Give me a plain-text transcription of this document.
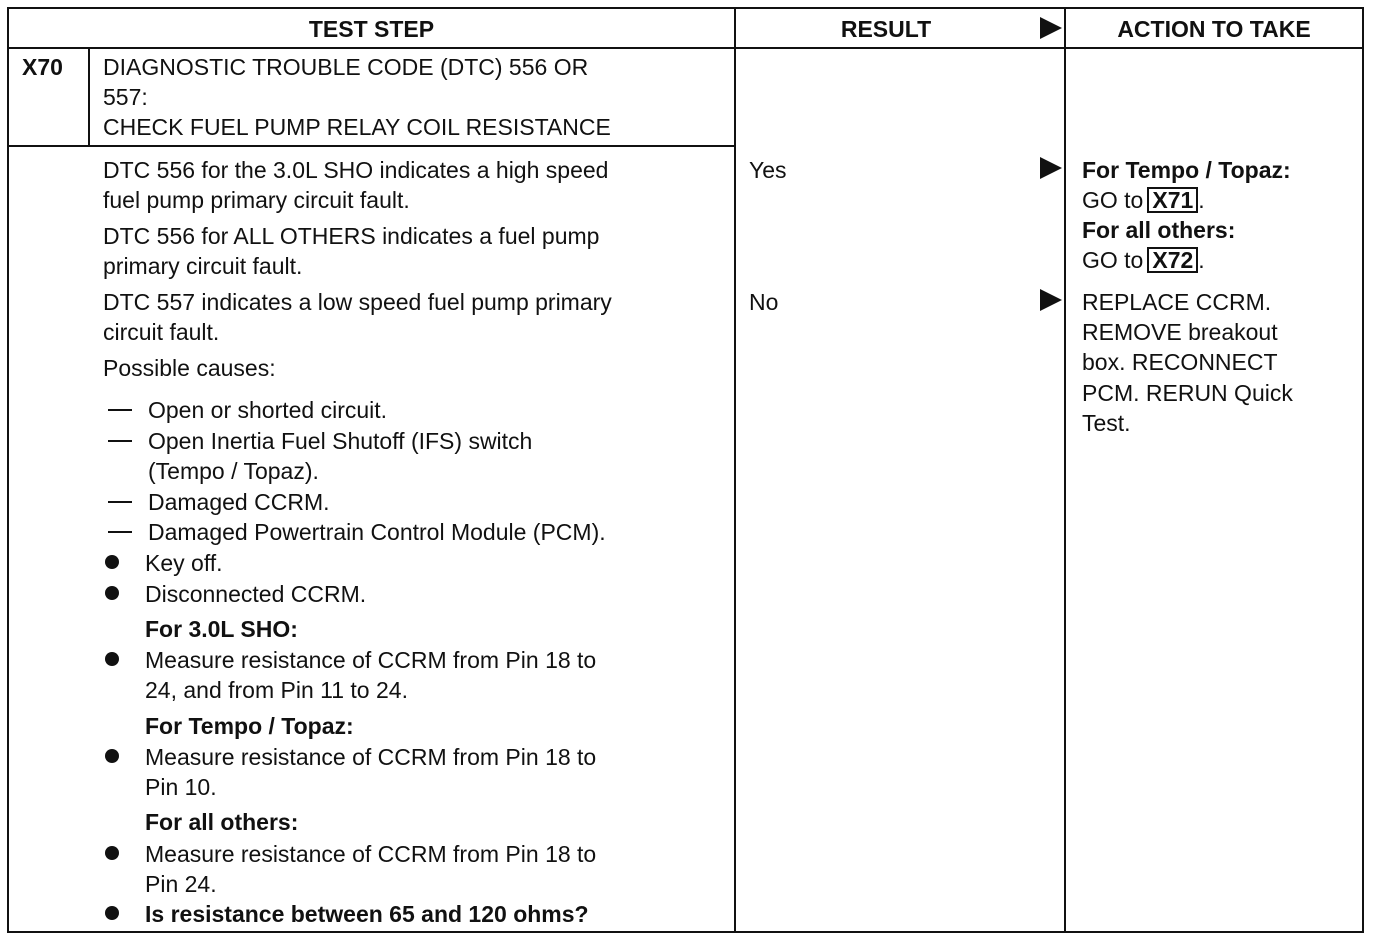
TEST STEP	RESULT	ACTION TO TAKE
X70 DIAGNOSTIC TROUBLE CODE (DTC) 556 OR
557:
CHECK FUEL PUMP RELAY COIL RESISTANCE
DTC 556 for the 3.0L SHO indicates a high speed
fuel pump primary circuit fault.
DTC 556 for ALL OTHERS indicates a fuel pump
primary circuit fault.
DTC 557 indicates a low speed fuel pump primary
circuit fault.
Possible causes:
Open or shorted circuit.
Open Inertia Fuel Shutoff (IFS) switch
(Tempo / Topaz).
Damaged CCRM.
Damaged Powertrain Control Module (PCM).
Key off.
Disconnected CCRM.
For 3.0L SHO:
Measure resistance of CCRM from Pin 18 to
24, and from Pin 11 to 24.
For Tempo / Topaz:
Measure resistance of CCRM from Pin 18 to
Pin 10.
For all others:
Measure resistance of CCRM from Pin 18 to
Pin 24.
Is resistance between 65 and 120 ohms?
Yes
No
For Tempo / Topaz:
GO to X71 .
For all others:
GO to X72 .
REPLACE CCRM.
REMOVE breakout
box. RECONNECT
PCM. RERUN Quick
Test.
